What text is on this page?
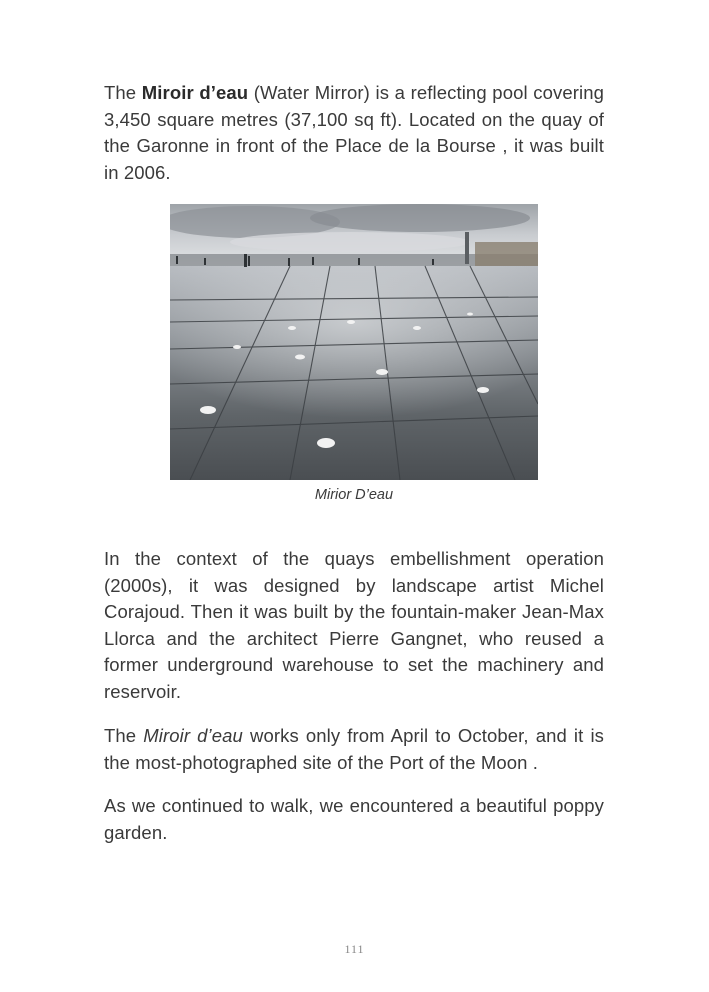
The Miroir d’eau (Water Mirror) is a reflecting pool covering 3,450 square metres (37,100 sq ft). Located on the quay of the Garonne in front of the Place de la Bourse , it was built in 2006.

Mirior D’eau

In the context of the quays embellishment operation (2000s), it was designed by landscape artist Michel Corajoud. Then it was built by the fountain-maker Jean-Max Llorca and the architect Pierre Gangnet, who reused a former underground warehouse to set the machinery and reservoir.

The Miroir d’eau works only from April to October, and it is the most-photographed site of the Port of the Moon .

As we continued to walk, we encountered a beautiful poppy garden.

111
